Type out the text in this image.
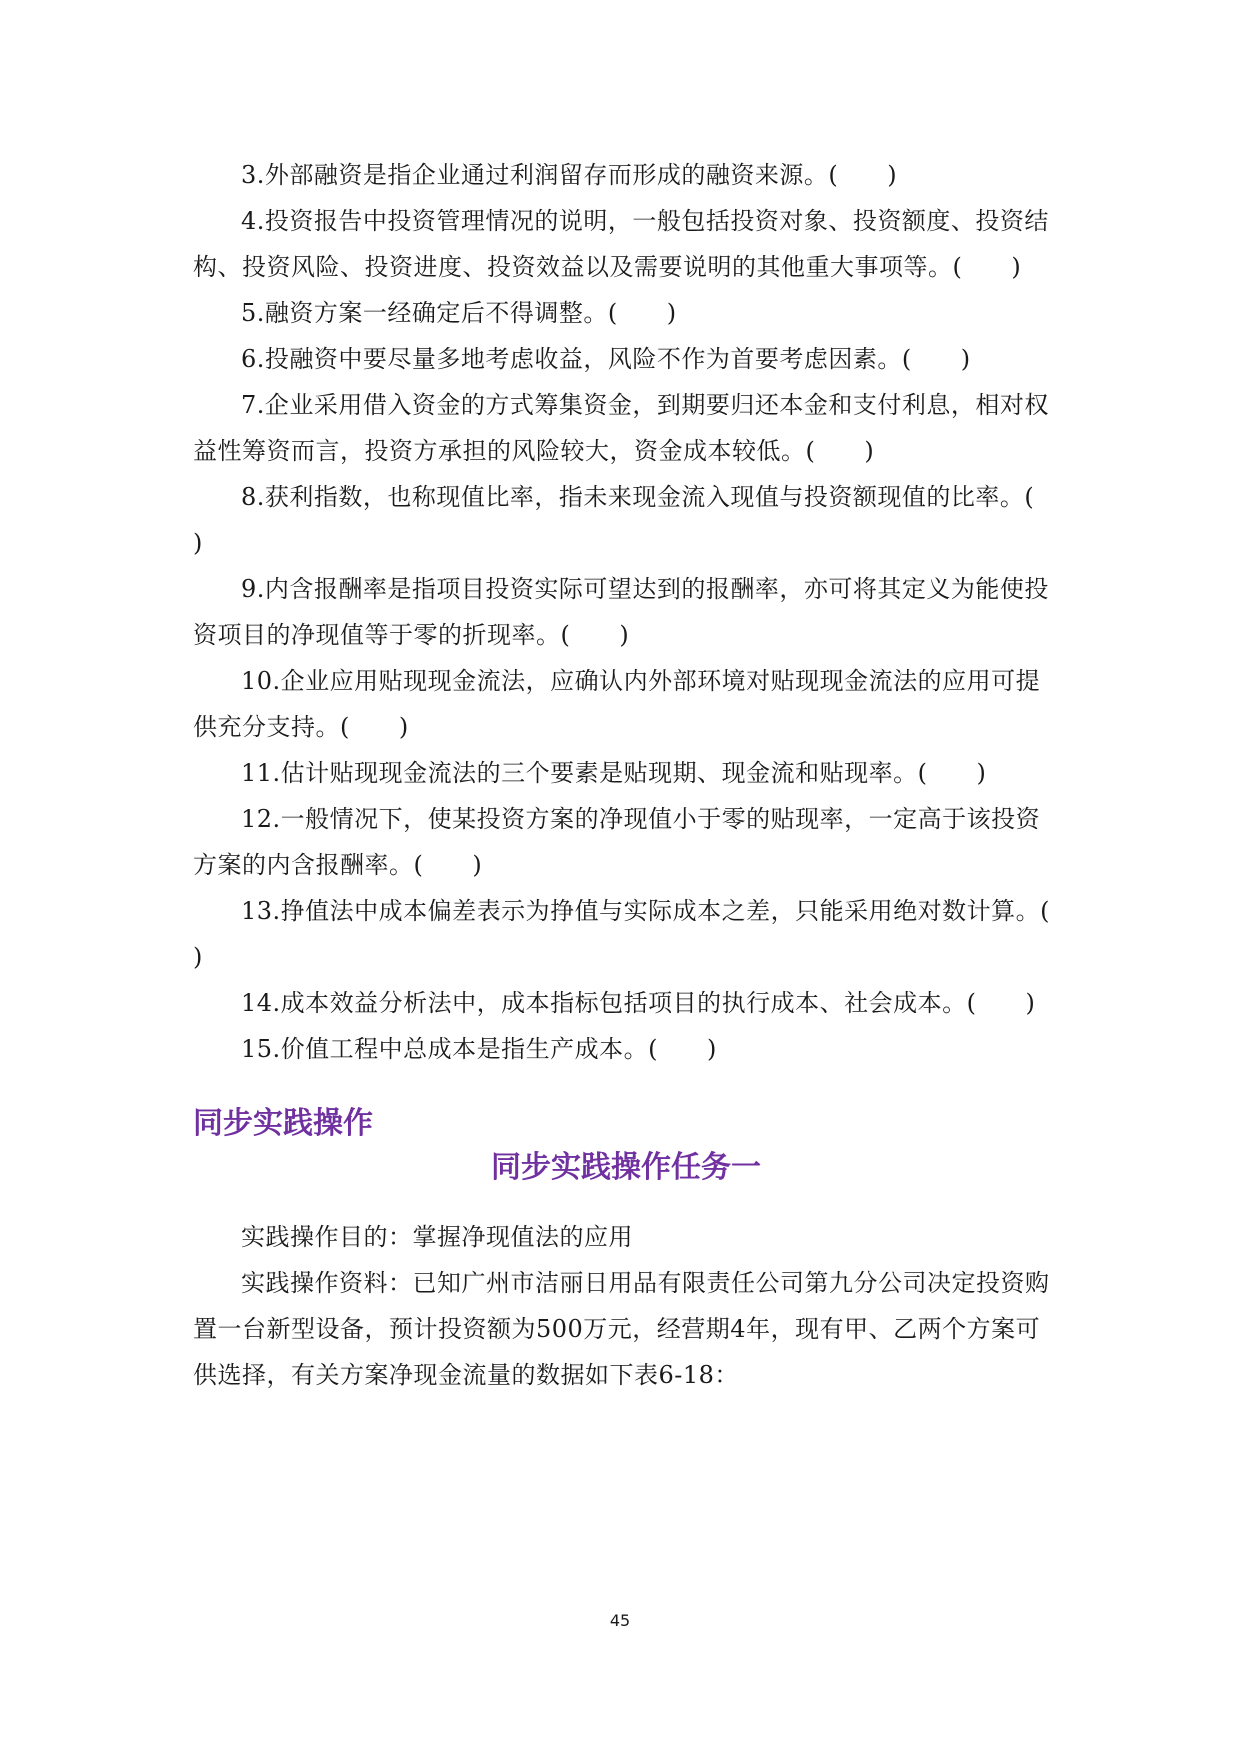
3.外部融资是指企业通过利润留存而形成的融资来源。(　　)

4.投资报告中投资管理情况的说明，一般包括投资对象、投资额度、投资结构、投资风险、投资进度、投资效益以及需要说明的其他重大事项等。(　　)

5.融资方案一经确定后不得调整。(　　)

6.投融资中要尽量多地考虑收益，风险不作为首要考虑因素。(　　)

7.企业采用借入资金的方式筹集资金，到期要归还本金和支付利息，相对权益性筹资而言，投资方承担的风险较大，资金成本较低。(　　)

8.获利指数，也称现值比率，指未来现金流入现值与投资额现值的比率。(　　)

9.内含报酬率是指项目投资实际可望达到的报酬率，亦可将其定义为能使投资项目的净现值等于零的折现率。(　　)

10.企业应用贴现现金流法，应确认内外部环境对贴现现金流法的应用可提供充分支持。(　　)

11.估计贴现现金流法的三个要素是贴现期、现金流和贴现率。(　　)

12.一般情况下，使某投资方案的净现值小于零的贴现率，一定高于该投资方案的内含报酬率。(　　)

13.挣值法中成本偏差表示为挣值与实际成本之差，只能采用绝对数计算。(　　)

14.成本效益分析法中，成本指标包括项目的执行成本、社会成本。(　　)

15.价值工程中总成本是指生产成本。(　　)

同步实践操作
同步实践操作任务一

实践操作目的：掌握净现值法的应用

实践操作资料：已知广州市洁丽日用品有限责任公司第九分公司决定投资购置一台新型设备，预计投资额为500万元，经营期4年，现有甲、乙两个方案可供选择，有关方案净现金流量的数据如下表6-18：

45
